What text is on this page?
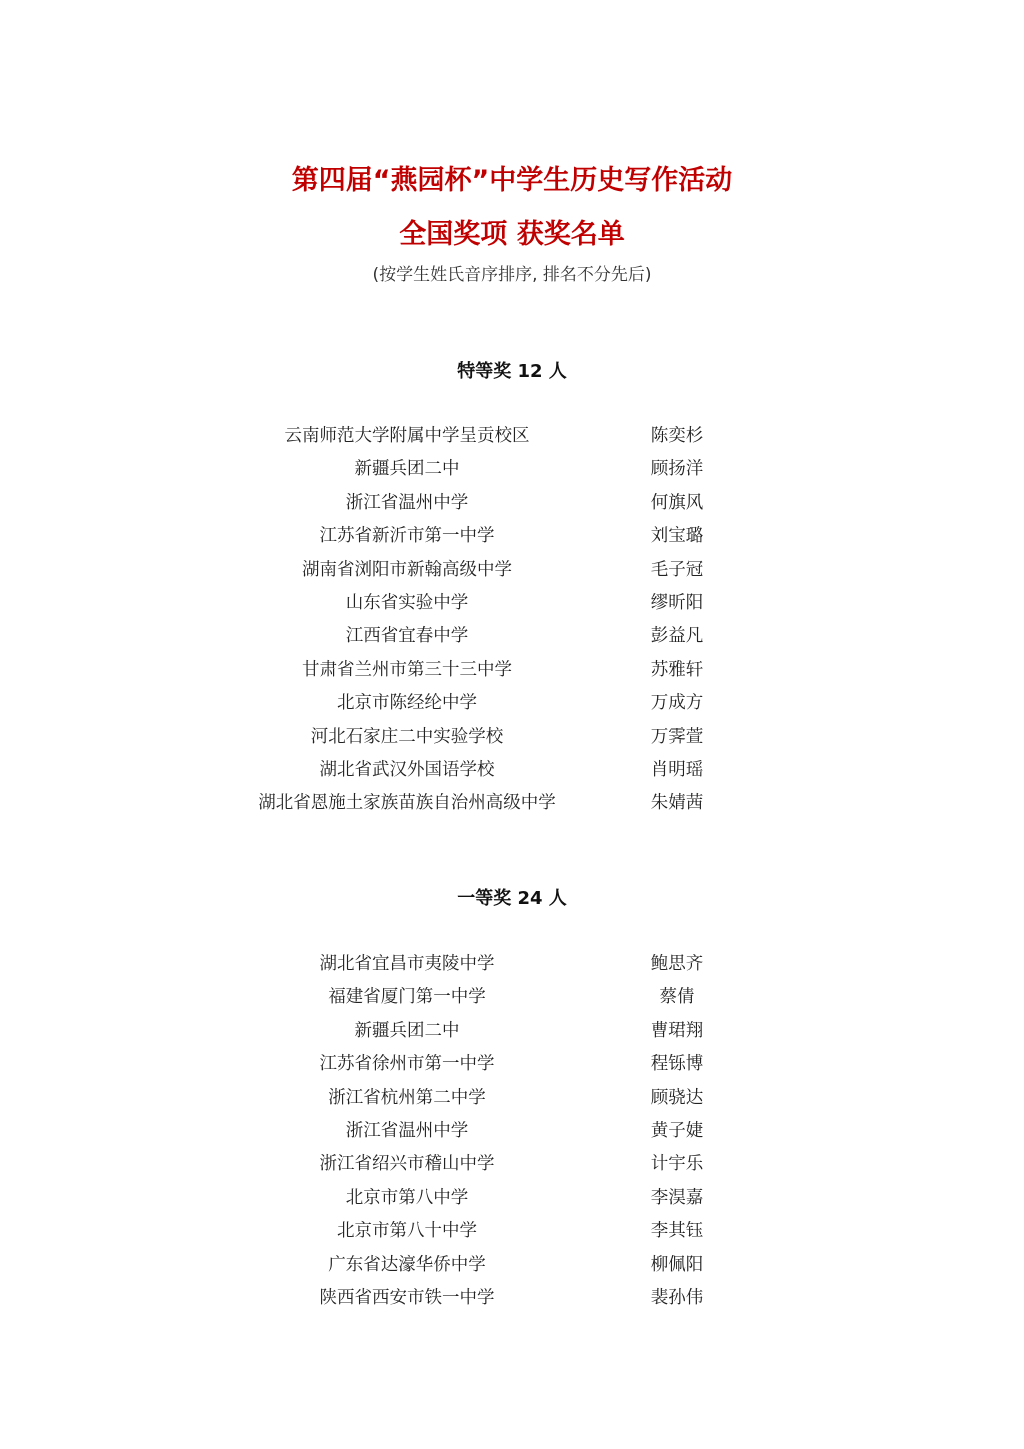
第四届“燕园杯”中学生历史写作活动
全国奖项 获奖名单
(按学生姓氏音序排序, 排名不分先后)
特等奖 12 人
云南师范大学附属中学呈贡校区	陈奕杉
新疆兵团二中	顾扬洋
浙江省温州中学	何旗风
江苏省新沂市第一中学	刘宝璐
湖南省浏阳市新翰高级中学	毛子冠
山东省实验中学	缪昕阳
江西省宜春中学	彭益凡
甘肃省兰州市第三十三中学	苏雅轩
北京市陈经纶中学	万成方
河北石家庄二中实验学校	万霁萱
湖北省武汉外国语学校	肖明瑶
湖北省恩施土家族苗族自治州高级中学	朱婧茜
一等奖 24 人
湖北省宜昌市夷陵中学	鲍思齐
福建省厦门第一中学	蔡倩
新疆兵团二中	曹珺翔
江苏省徐州市第一中学	程铄博
浙江省杭州第二中学	顾骁达
浙江省温州中学	黄子婕
浙江省绍兴市稽山中学	计宇乐
北京市第八中学	李淏嘉
北京市第八十中学	李其钰
广东省达濠华侨中学	柳佩阳
陕西省西安市铁一中学	裴孙伟
